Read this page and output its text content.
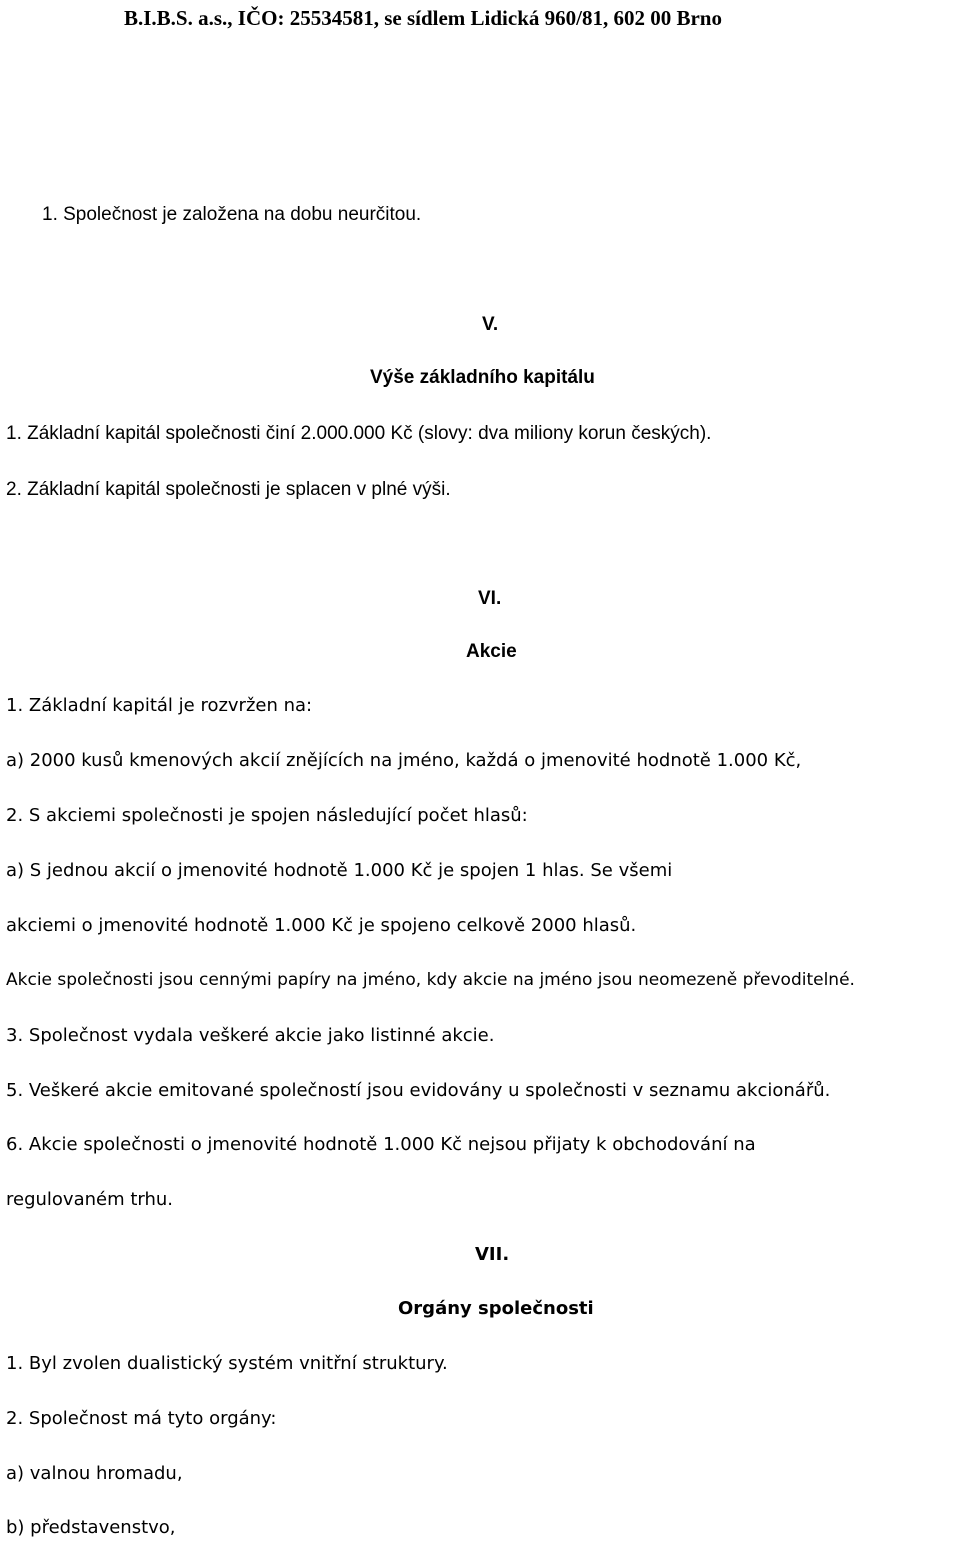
B.I.B.S. a.s., IČO: 25534581, se sídlem Lidická 960/81, 602 00 Brno
1. Společnost je založena na dobu neurčitou.
V.
Výše základního kapitálu
1. Základní kapitál společnosti činí 2.000.000 Kč (slovy: dva miliony korun českých).
2. Základní kapitál společnosti je splacen v plné výši.
VI.
Akcie
1. Základní kapitál je rozvržen na:
a) 2000 kusů kmenových akcií znějících na jméno, každá o jmenovité hodnotě 1.000 Kč,
2. S akciemi společnosti je spojen následující počet hlasů:
a) S jednou akcií o jmenovité hodnotě 1.000 Kč je spojen 1 hlas. Se všemi
akciemi o jmenovité hodnotě 1.000 Kč je spojeno celkově 2000 hlasů.
Akcie společnosti jsou cennými papíry na jméno, kdy akcie na jméno jsou neomezeně převoditelné.
3. Společnost vydala veškeré akcie jako listinné akcie.
5. Veškeré akcie emitované společností jsou evidovány u společnosti v seznamu akcionářů.
6. Akcie společnosti o jmenovité hodnotě 1.000 Kč nejsou přijaty k obchodování na
regulovaném trhu.
VII.
Orgány společnosti
1. Byl zvolen dualistický systém vnitřní struktury.
2. Společnost má tyto orgány:
a) valnou hromadu,
b) představenstvo,
